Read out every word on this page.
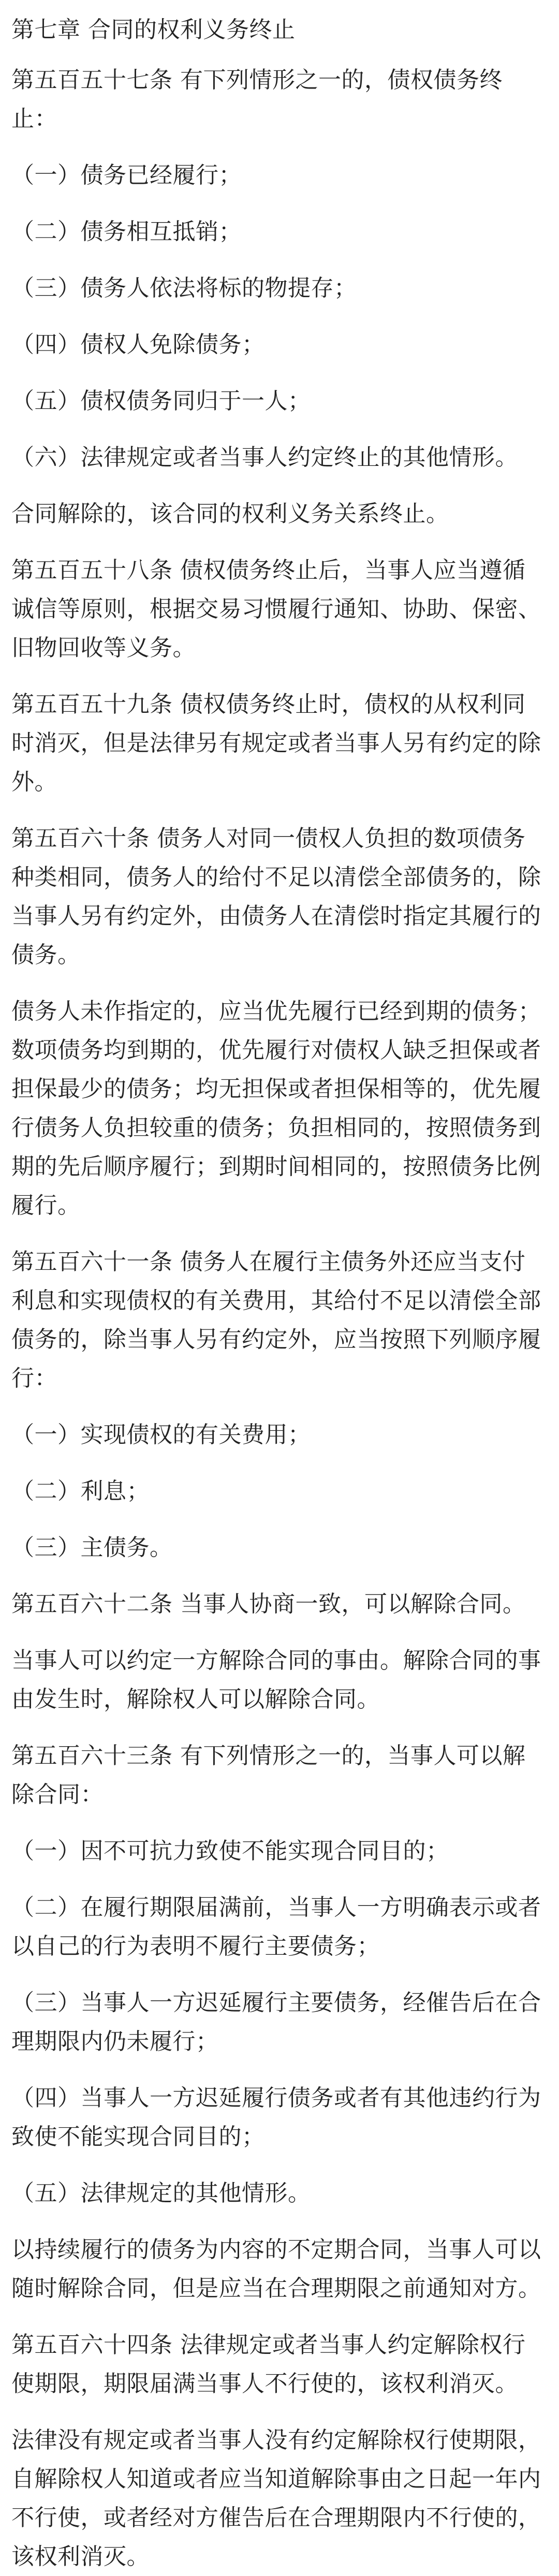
第七章 合同的权利义务终止

第五百五十七条 有下列情形之一的，债权债务终止：

（一）债务已经履行；

（二）债务相互抵销；

（三）债务人依法将标的物提存；

（四）债权人免除债务；

（五）债权债务同归于一人；

（六）法律规定或者当事人约定终止的其他情形。

合同解除的，该合同的权利义务关系终止。

第五百五十八条 债权债务终止后，当事人应当遵循诚信等原则，根据交易习惯履行通知、协助、保密、旧物回收等义务。

第五百五十九条 债权债务终止时，债权的从权利同时消灭，但是法律另有规定或者当事人另有约定的除外。

第五百六十条 债务人对同一债权人负担的数项债务种类相同，债务人的给付不足以清偿全部债务的，除当事人另有约定外，由债务人在清偿时指定其履行的债务。

债务人未作指定的，应当优先履行已经到期的债务；数项债务均到期的，优先履行对债权人缺乏担保或者担保最少的债务；均无担保或者担保相等的，优先履行债务人负担较重的债务；负担相同的，按照债务到期的先后顺序履行；到期时间相同的，按照债务比例履行。

第五百六十一条 债务人在履行主债务外还应当支付利息和实现债权的有关费用，其给付不足以清偿全部债务的，除当事人另有约定外，应当按照下列顺序履行：

（一）实现债权的有关费用；

（二）利息；

（三）主债务。

第五百六十二条 当事人协商一致，可以解除合同。

当事人可以约定一方解除合同的事由。解除合同的事由发生时，解除权人可以解除合同。

第五百六十三条 有下列情形之一的，当事人可以解除合同：

（一）因不可抗力致使不能实现合同目的；

（二）在履行期限届满前，当事人一方明确表示或者以自己的行为表明不履行主要债务；

（三）当事人一方迟延履行主要债务，经催告后在合理期限内仍未履行；

（四）当事人一方迟延履行债务或者有其他违约行为致使不能实现合同目的；

（五）法律规定的其他情形。

以持续履行的债务为内容的不定期合同，当事人可以随时解除合同，但是应当在合理期限之前通知对方。

第五百六十四条 法律规定或者当事人约定解除权行使期限，期限届满当事人不行使的，该权利消灭。

法律没有规定或者当事人没有约定解除权行使期限，自解除权人知道或者应当知道解除事由之日起一年内不行使，或者经对方催告后在合理期限内不行使的，该权利消灭。
